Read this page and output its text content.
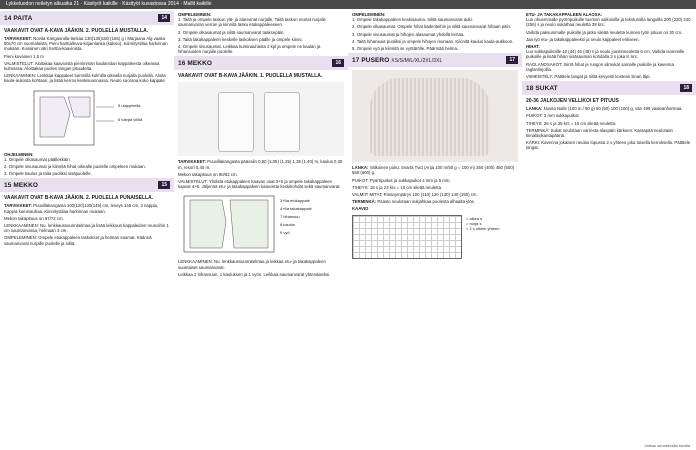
Lykkeluodon neiletyn alkuaika 21 · Käsityöt kaikille · Käsityöt kuvastossa 2014 · Mallit kaikille
14 PAITA	14
VAAKAVIT OVAT A-KAVA JÄÄKIN. 2. PUOLELLA MUSTALLA.
TARVIKKEET: Novita Kangasrulla-lankaa 130(135)150 (165) g / Marjaana Alg.vaaka 90x70 cm suomalaista, Pieni harttia/kuva-kirjainlanka (kaksio). Kiinnitystilaa harkinnan mukaan. Kuvainen väri harttia-kaavioista.
Pieni kuvainen 1,5 m
VALMISTELUT: Aloitakaa kaavioista pienimmän kaulamitan kappaleesta oikeassa kulmassa. Aloittakaa puolen langan pituudelta.
LENKAAMINEN: Lenkkaa kappaleet tummilla kulmilla oikealla nurjalla puolella. Aloita kaula-aukosta kohtaan, ja lisää kerros keskisuunnassa. Neulo suorana koko kappale.
5 ulappinella
6 tulejat villöä
OHJELMINEN:
1. Ompele olkasaumat päällekkäin.
2. Ompele sivusaumat ja kiinnitä hihat oikealle puolelle ompeleen mukaan.
3. Ompele kaulus ja taita puoliksi sisäpuolelle.
15 MEKKO	15
VAAKAVIT OVAT B-KAVA JÄÄKIN. 2. PUOLELLA PUNAISELLA.
TARVIKKEET: Puuvillakangasta 100(120)130(145) cm, leveys 145 cm, 3 nappia, Kappia kuminauhaa. Kiinnitystilaa harkinnan mukaan.
Mekon takapituus on 67/72 cm.
LENKKAAMINEN: Nu. lenkkaussuunnitelmaa ja lisää leikkuun kappaleiden reunoihin 1 cm saumanvaraa, helmaan 3 cm.
OMPELEMINEN: Ompele etukappaleen laskokset ja helman saumat. Käännä saumanvarat nurjalle puolelle ja silitä.
OMPELEMINEN:
1. Taitä ja ompele taskun ylä- ja alareunat nurjalle. Taitä taskun reunat nurjalle saumanvaran verran ja kiinnitä tasku etukappaleeseen.
2. Ompele olkasaumat ja silitä saumanvarat taaksepäin.
3. Taitä takakappaleen keskelle laskoksen päälle ja ompele kiinni.
4. Ompele sivusaumat. Leikkaa kuminauhasta 2 kpl ja ompele ne kaulan ja hihansuiden nurjalle puolelle.
16 MEKKO	16
VAAKAVIT OVAT B-KAVA JÄÄKIN. 1. PUOLELLA MUSTALLA.
TARVIKKEET: Puuvillakangasta pääosiin 0,90 (1,05) (1,25) 1,35 (1,40) m, kaulus 0,30 m, resori 0,40 m.
Mekon takapituus on 80/82 cm.
VALMISTELUT: Yhdistä etukappaleen kaavan osat 3+5 ja ompele takakappaleen kaavat 4+6. Jäljennä etu- ja takakappaleen kaavoista keskikohdat sekä saumanvarat.
3+5a etukappale
4+6a takakappale
7 hihansuu
8 kaulus
9 vyö
LENKKAAMINEN: Nu. lenkkaussuunnitelmaa ja leikkaa etu- ja takakappaleen suuntaiset saumanvarat.
Leikkaa 2 hihansuun, 1 kauluksen ja 1 vyön. Leikkaa saumanvarat yhtenäiseksi.
OMPELEMINEN:
1. Ompele takakappaleen keskisauma. Silitä saumanvarat auki.
2. Ompele olkasaumat. Ompele hihat kädenteihin ja silitä saumanvarat hihaan päin.
3. Ompele sivusaumat ja hihojen alasaumat yhdellä kertaa.
4. Taitä hihansuut puoliksi ja ompele hihojen reunaan. Kiinnitä kaulus kaula-aukkoon.
5. Ompele vyö ja kiinnitä se vyötärölle. Päärmää helma.
17 PUSERO XS/S/M/L/XL/2XL/3XL	17
LANKA: Valkoinen puku: Svarta Tvid (Arija 100 m/50 g = 100 m) 350 (400) 450 (500) 550 (600) g.
PUIKOT: Pyöröpuikot ja sukkapuikot 4 mm ja 5 mm.
TIHEYS: 18 s ja 23 krs = 10 cm sileää neuletta.
VALMIIT MITAT: Rinanympärys 100 (110) 120 (130) 140 (150) cm.
TERMINKÄ: Paasto neulotaan sukjahkaa puolesta alhaalta ylös.
KAAVIO
= oikea s
= nurja s
= 2 s oikein yhteen
ETU- JA TAKAKAPPALEEN ALAOSA:
Luo ohuemmalle pyöröpuikolle tuomon valkoisilla ja teksturoilla langoilla 200 (220) 240 (256) s ja neulo sukathaa neuletta 38 krs.
Vaihda paksummalle puikolle ja jatka sileää neuletta kunnes työn pituus on 30 cm.
Jaa työ etu- ja takakappaleeksi ja neulo kappaleet erikseen.
HIHAT:
Luo sukkapuikoille 40 (44) 46 (48) s ja neulo joustinneuletta 6 cm. Vaihda isommille puikoille ja lisää hihan sisäsauman kohdalla 2 s joka 8. krs.
RAGLANOSAKOT: Siirrä hihat ja rungon silmukat samalle puikolle ja kavenna raglanlinjoilla.
VIIMEISTELY: Päättele langat ja silitä kevyesti kostean liinan läpi.
18 SUKAT	18
20-36 JALKOJEN VELLIKOI ET PITUUS
LANKA: Novita Nalle (100 m / 50 g) 50 (50) 100 (100) g, väri 499 vaaleanharmaa.
PUIKOT: 3 mm sukkapuikot.
TIHEYS: 26 s ja 35 krs = 10 cm sileää neuletta.
TERMINKÄ: Sukat neulotaan varresta alaspäin kärkeen. Kantapää neulotaan tiimalasikantapäänä.
KÄRKI: Kavenna jokaisen neulan lopussa 2 s yhteen joka toisella kerroksella. Päättele langat.
Jatkuu seuraavalla sivulla
